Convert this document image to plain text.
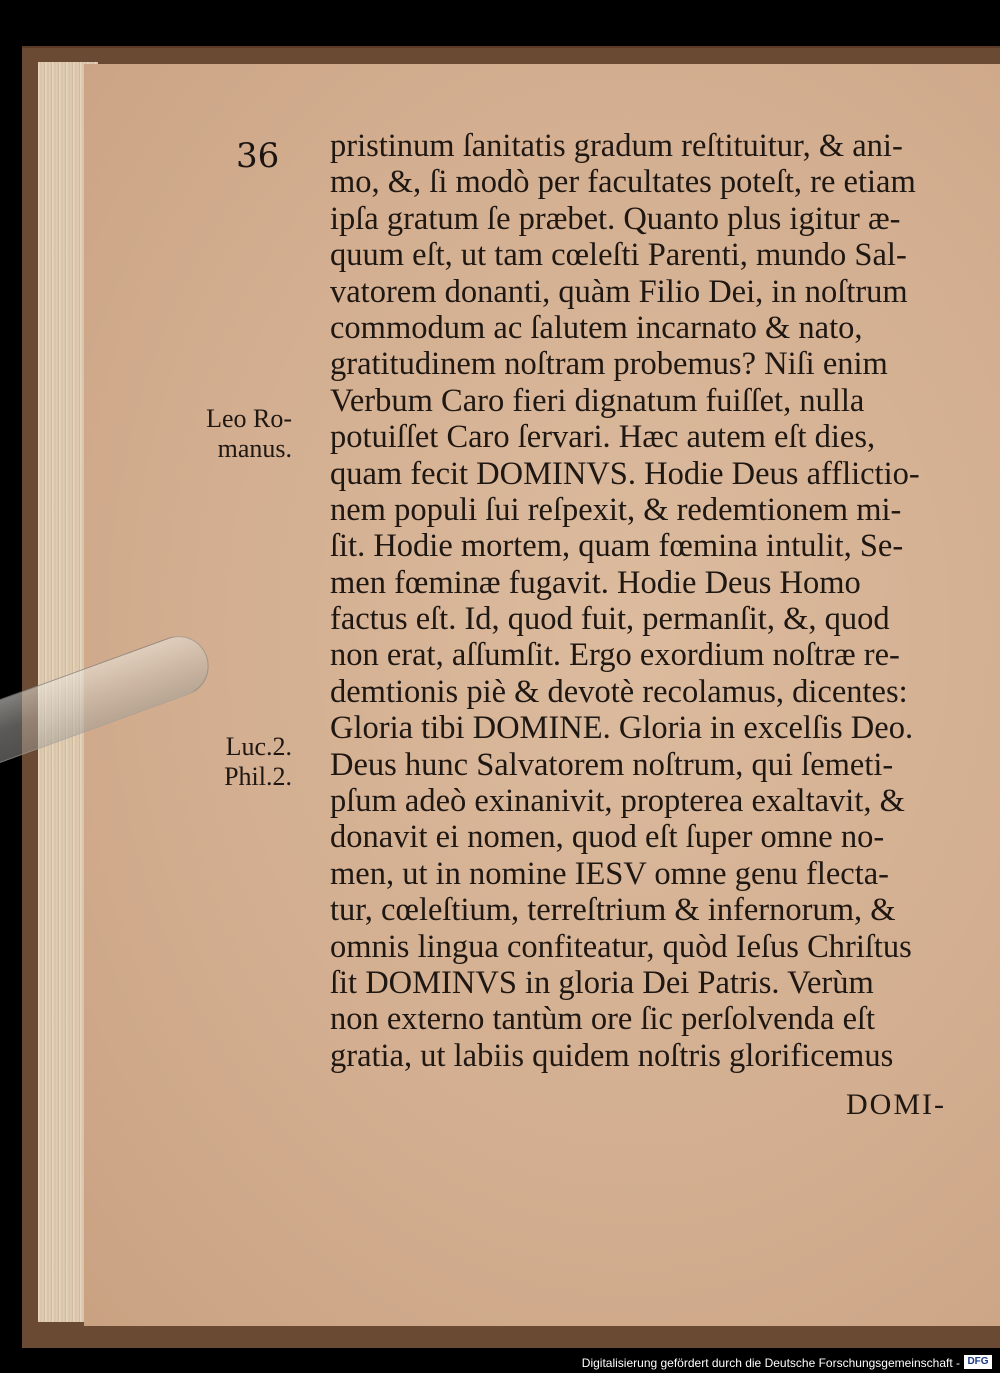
36
Leo Ro-
manus.
Luc.2.
Phil.2.
pristinum ſanitatis gradum reſtituitur, & ani-
mo, &, ſi modò per facultates poteſt, re etiam
ipſa gratum ſe præbet. Quanto plus igitur æ-
quum eſt, ut tam cœleſti Parenti, mundo Sal-
vatorem donanti, quàm Filio Dei, in noſtrum
commodum ac ſalutem incarnato & nato,
gratitudinem noſtram probemus? Niſi enim
Verbum Caro fieri dignatum fuiſſet, nulla
potuiſſet Caro ſervari. Hæc autem eſt dies,
quam fecit DOMINVS. Hodie Deus afflictio-
nem populi ſui reſpexit, & redemtionem mi-
ſit. Hodie mortem, quam fœmina intulit, Se-
men fœminæ fugavit. Hodie Deus Homo
factus eſt. Id, quod fuit, permanſit, &, quod
non erat, aſſumſit. Ergo exordium noſtræ re-
demtionis piè & devotè recolamus, dicentes:
Gloria tibi DOMINE. Gloria in excelſis Deo.
Deus hunc Salvatorem noſtrum, qui ſemeti-
pſum adeò exinanivit, propterea exaltavit, &
donavit ei nomen, quod eſt ſuper omne no-
men, ut in nomine IESV omne genu flecta-
tur, cœleſtium, terreſtrium & infernorum, &
omnis lingua confiteatur, quòd Ieſus Chriſtus
ſit DOMINVS in gloria Dei Patris. Verùm
non externo tantùm ore ſic perſolvenda eſt
gratia, ut labiis quidem noſtris glorificemus
DOMI-
Digitalisierung gefördert durch die Deutsche Forschungsgemeinschaft - DFG
